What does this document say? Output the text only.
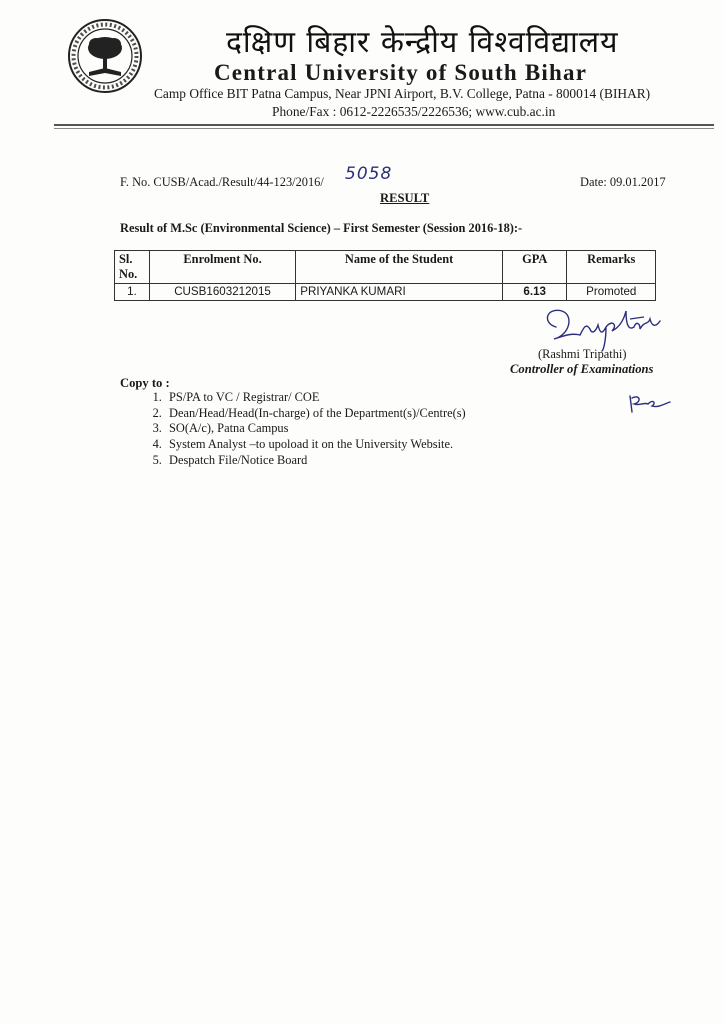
दक्षिण बिहार केन्द्रीय विश्वविद्यालय
Central University of South Bihar
Camp Office BIT Patna Campus, Near JPNI Airport, B.V. College, Patna - 800014 (BIHAR)
Phone/Fax : 0612-2226535/2226536; www.cub.ac.in
F. No. CUSB/Acad./Result/44-123/2016/ 5058	Date: 09.01.2017
RESULT
Result of M.Sc (Environmental Science) – First Semester (Session 2016-18):-
Sl. No.	Enrolment No.	Name of the Student	GPA	Remarks
1.	CUSB1603212015	PRIYANKA KUMARI	6.13	Promoted
(Rashmi Tripathi)
Controller of Examinations
Copy to :
1. PS/PA to VC / Registrar/ COE
2. Dean/Head/Head(In-charge) of the Department(s)/Centre(s)
3. SO(A/c), Patna Campus
4. System Analyst –to upoload it on the University Website.
5. Despatch File/Notice Board
